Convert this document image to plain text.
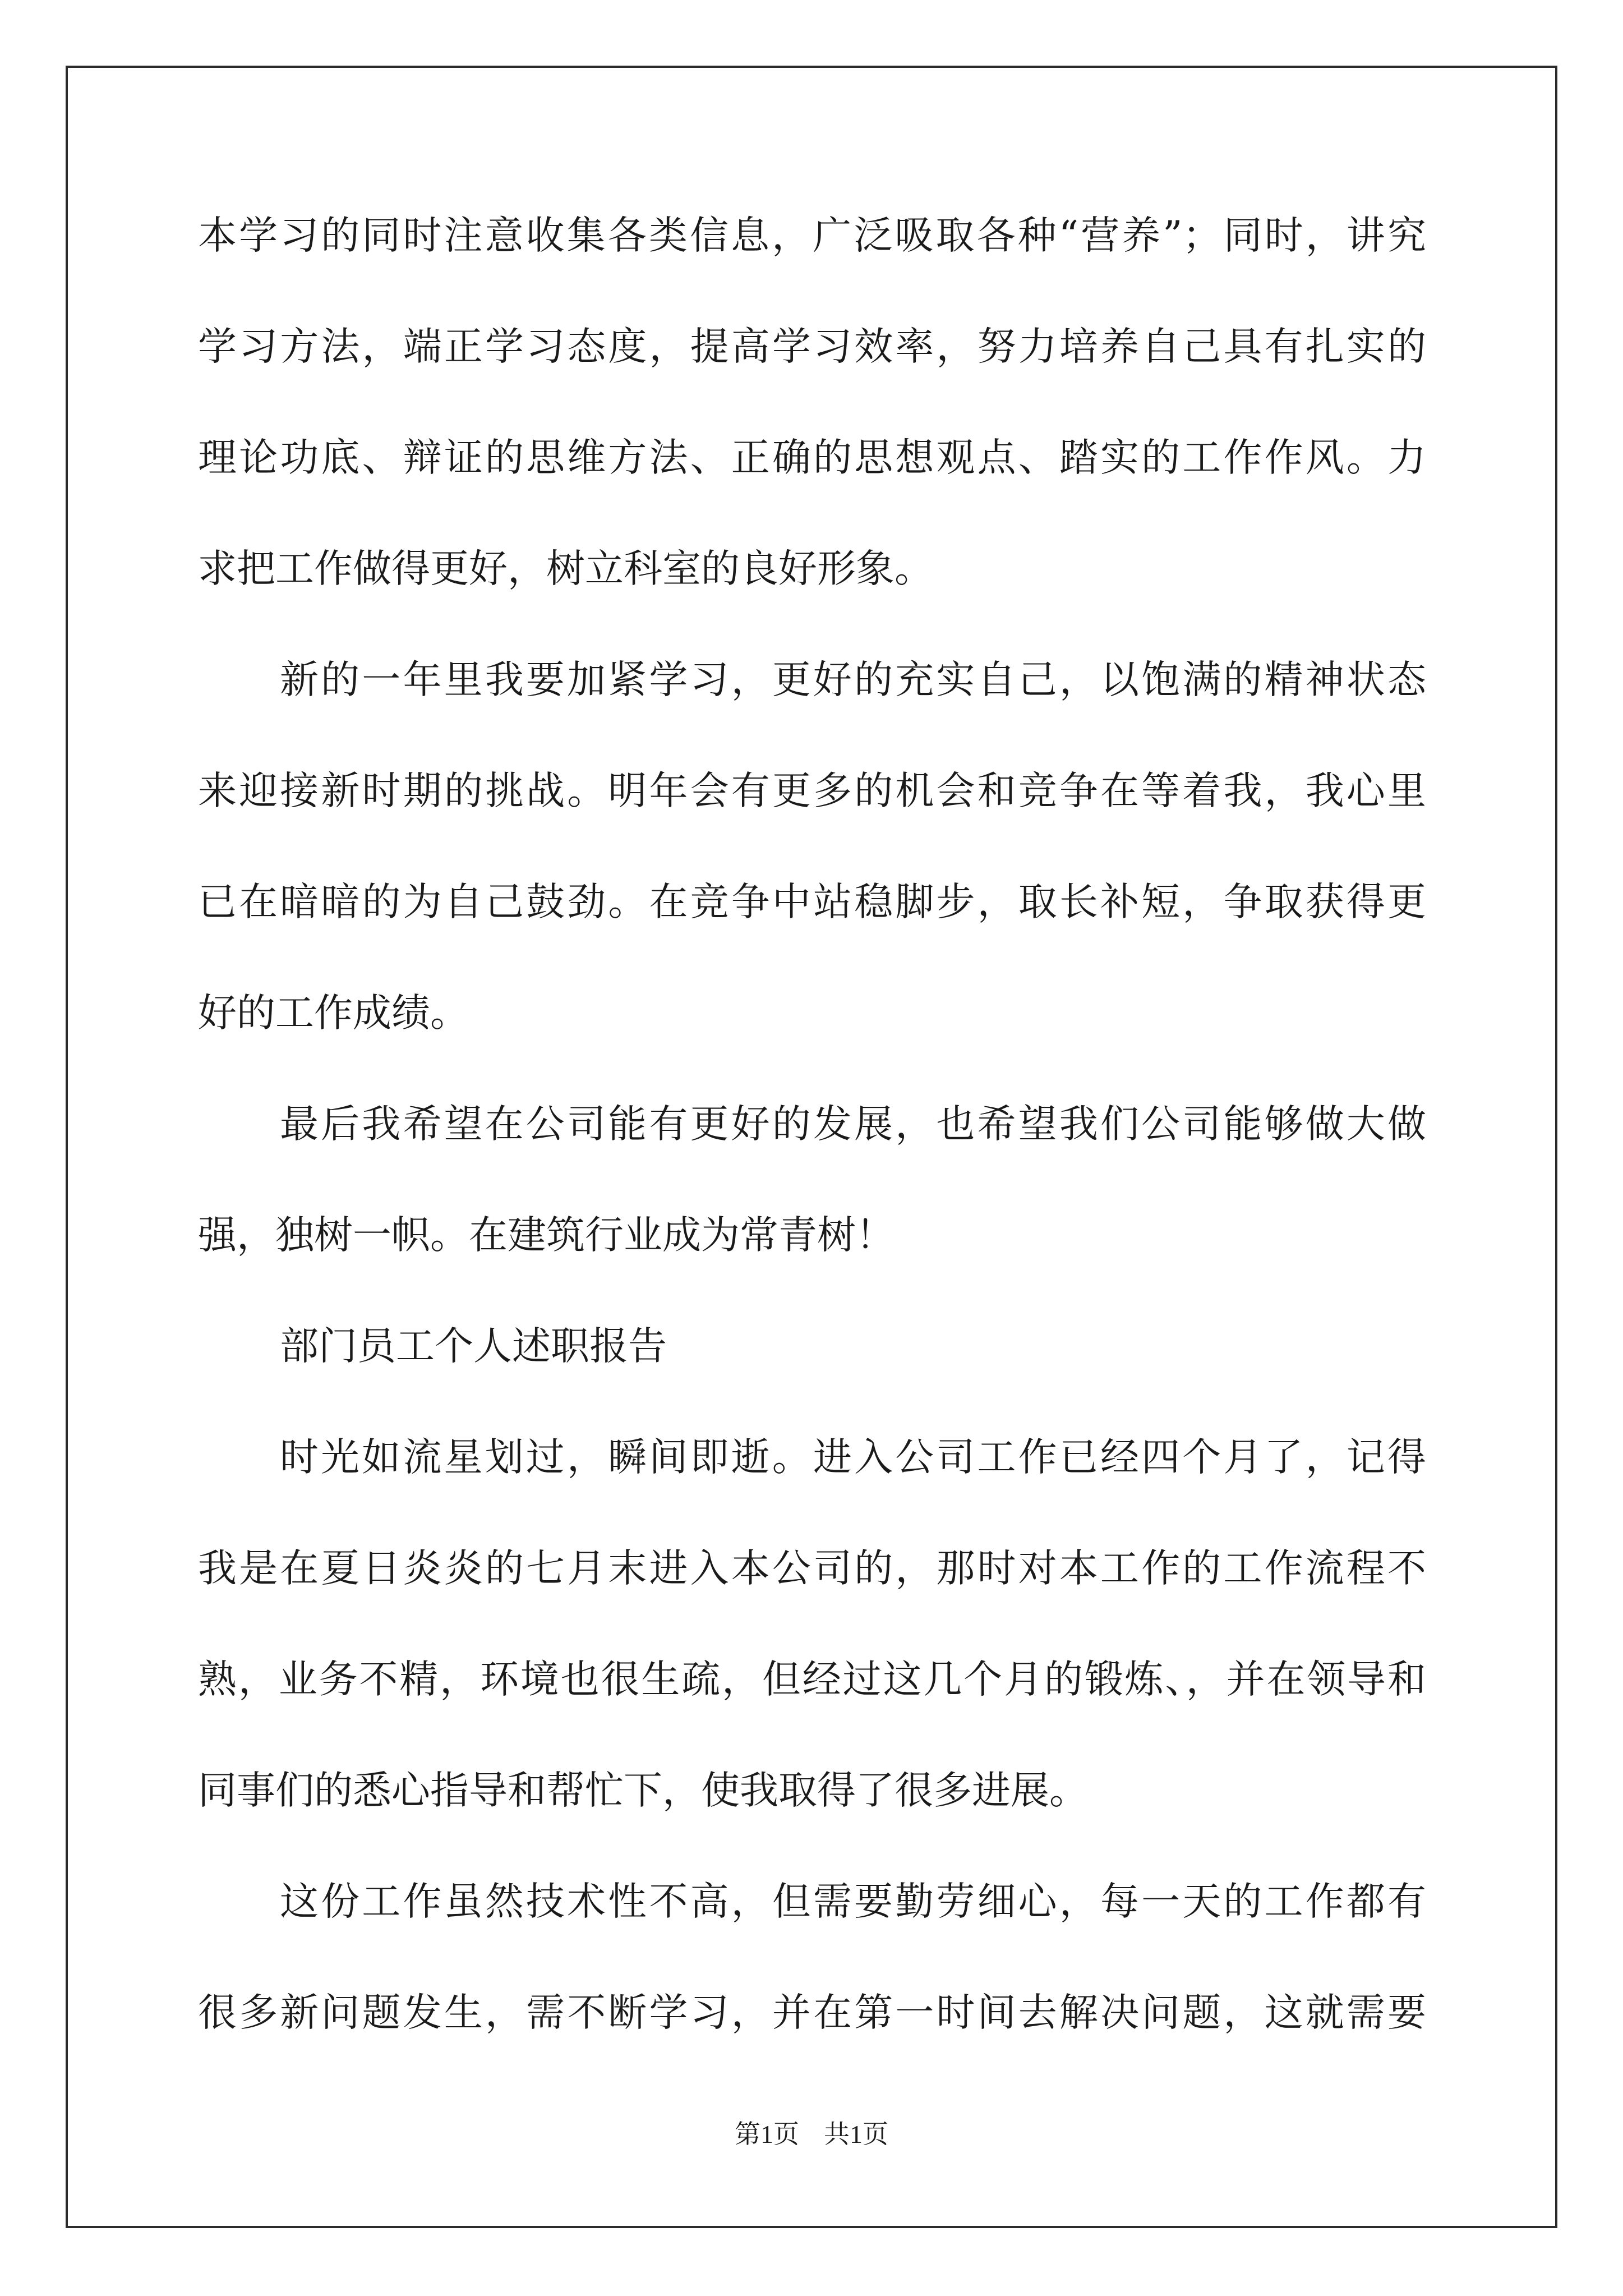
本学习的同时注意收集各类信息，广泛吸取各种“营养”；同时，讲究

学习方法，端正学习态度，提高学习效率，努力培养自己具有扎实的

理论功底、辩证的思维方法、正确的思想观点、踏实的工作作风。力

求把工作做得更好，树立科室的良好形象。

新的一年里我要加紧学习，更好的充实自己，以饱满的精神状态

来迎接新时期的挑战。明年会有更多的机会和竞争在等着我，我心里

已在暗暗的为自己鼓劲。在竞争中站稳脚步，取长补短，争取获得更

好的工作成绩。

最后我希望在公司能有更好的发展，也希望我们公司能够做大做

强，独树一帜。在建筑行业成为常青树！

部门员工个人述职报告

时光如流星划过，瞬间即逝。进入公司工作已经四个月了，记得

我是在夏日炎炎的七月末进入本公司的，那时对本工作的工作流程不

熟，业务不精，环境也很生疏，但经过这几个月的锻炼、，并在领导和

同事们的悉心指导和帮忙下，使我取得了很多进展。

这份工作虽然技术性不高，但需要勤劳细心，每一天的工作都有

很多新问题发生，需不断学习，并在第一时间去解决问题，这就需要

第1页 共1页
